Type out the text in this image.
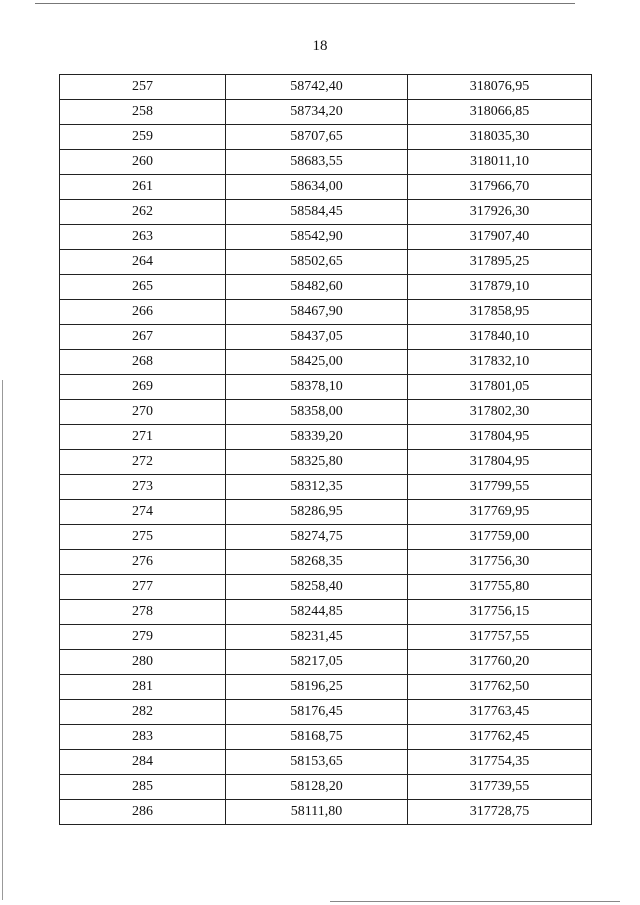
18
257	58742,40	318076,95
258	58734,20	318066,85
259	58707,65	318035,30
260	58683,55	318011,10
261	58634,00	317966,70
262	58584,45	317926,30
263	58542,90	317907,40
264	58502,65	317895,25
265	58482,60	317879,10
266	58467,90	317858,95
267	58437,05	317840,10
268	58425,00	317832,10
269	58378,10	317801,05
270	58358,00	317802,30
271	58339,20	317804,95
272	58325,80	317804,95
273	58312,35	317799,55
274	58286,95	317769,95
275	58274,75	317759,00
276	58268,35	317756,30
277	58258,40	317755,80
278	58244,85	317756,15
279	58231,45	317757,55
280	58217,05	317760,20
281	58196,25	317762,50
282	58176,45	317763,45
283	58168,75	317762,45
284	58153,65	317754,35
285	58128,20	317739,55
286	58111,80	317728,75
